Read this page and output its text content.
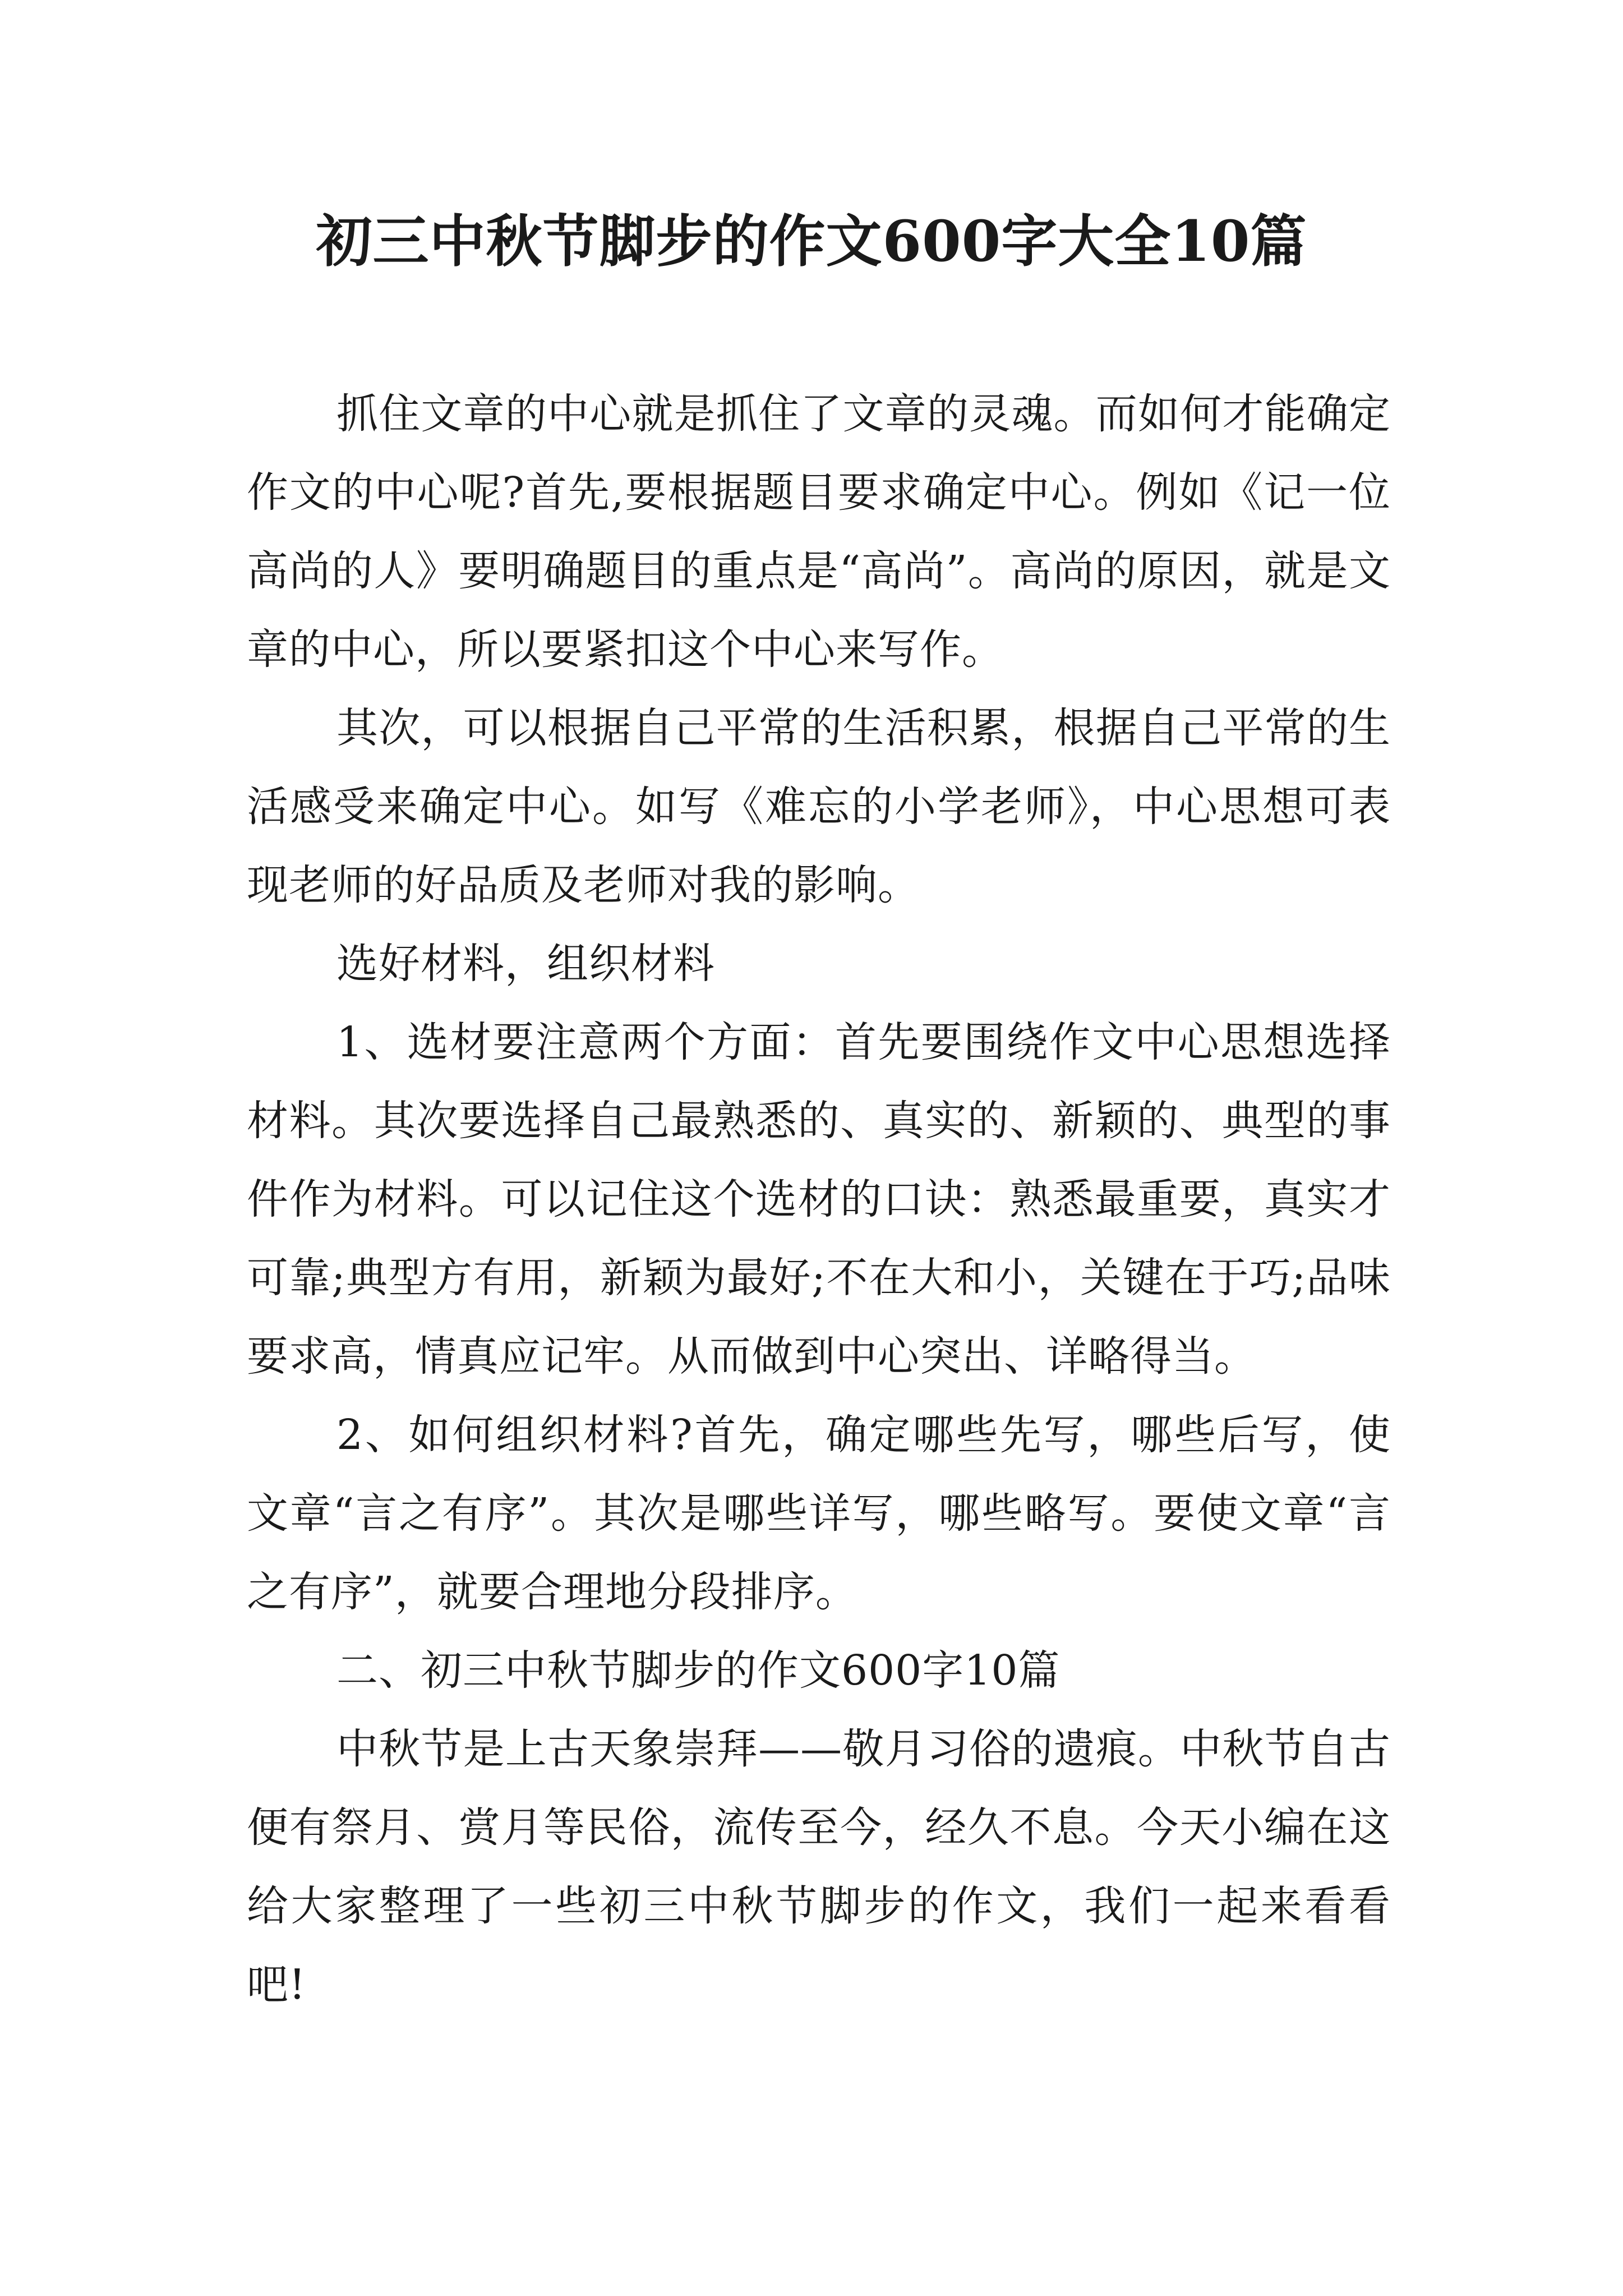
初三中秋节脚步的作文600字大全10篇

抓住文章的中心就是抓住了文章的灵魂。而如何才能确定作文的中心呢?首先,要根据题目要求确定中心。例如《记一位高尚的人》要明确题目的重点是“高尚”。高尚的原因，就是文章的中心，所以要紧扣这个中心来写作。

其次，可以根据自己平常的生活积累，根据自己平常的生活感受来确定中心。如写《难忘的小学老师》，中心思想可表现老师的好品质及老师对我的影响。

选好材料，组织材料

1、选材要注意两个方面：首先要围绕作文中心思想选择材料。其次要选择自己最熟悉的、真实的、新颖的、典型的事件作为材料。可以记住这个选材的口诀：熟悉最重要，真实才可靠;典型方有用，新颖为最好;不在大和小，关键在于巧;品味要求高，情真应记牢。从而做到中心突出、详略得当。

2、如何组织材料?首先，确定哪些先写，哪些后写，使文章“言之有序”。其次是哪些详写，哪些略写。要使文章“言之有序”，就要合理地分段排序。

二、初三中秋节脚步的作文600字10篇

中秋节是上古天象崇拜——敬月习俗的遗痕。中秋节自古便有祭月、赏月等民俗，流传至今，经久不息。今天小编在这给大家整理了一些初三中秋节脚步的作文，我们一起来看看吧!
